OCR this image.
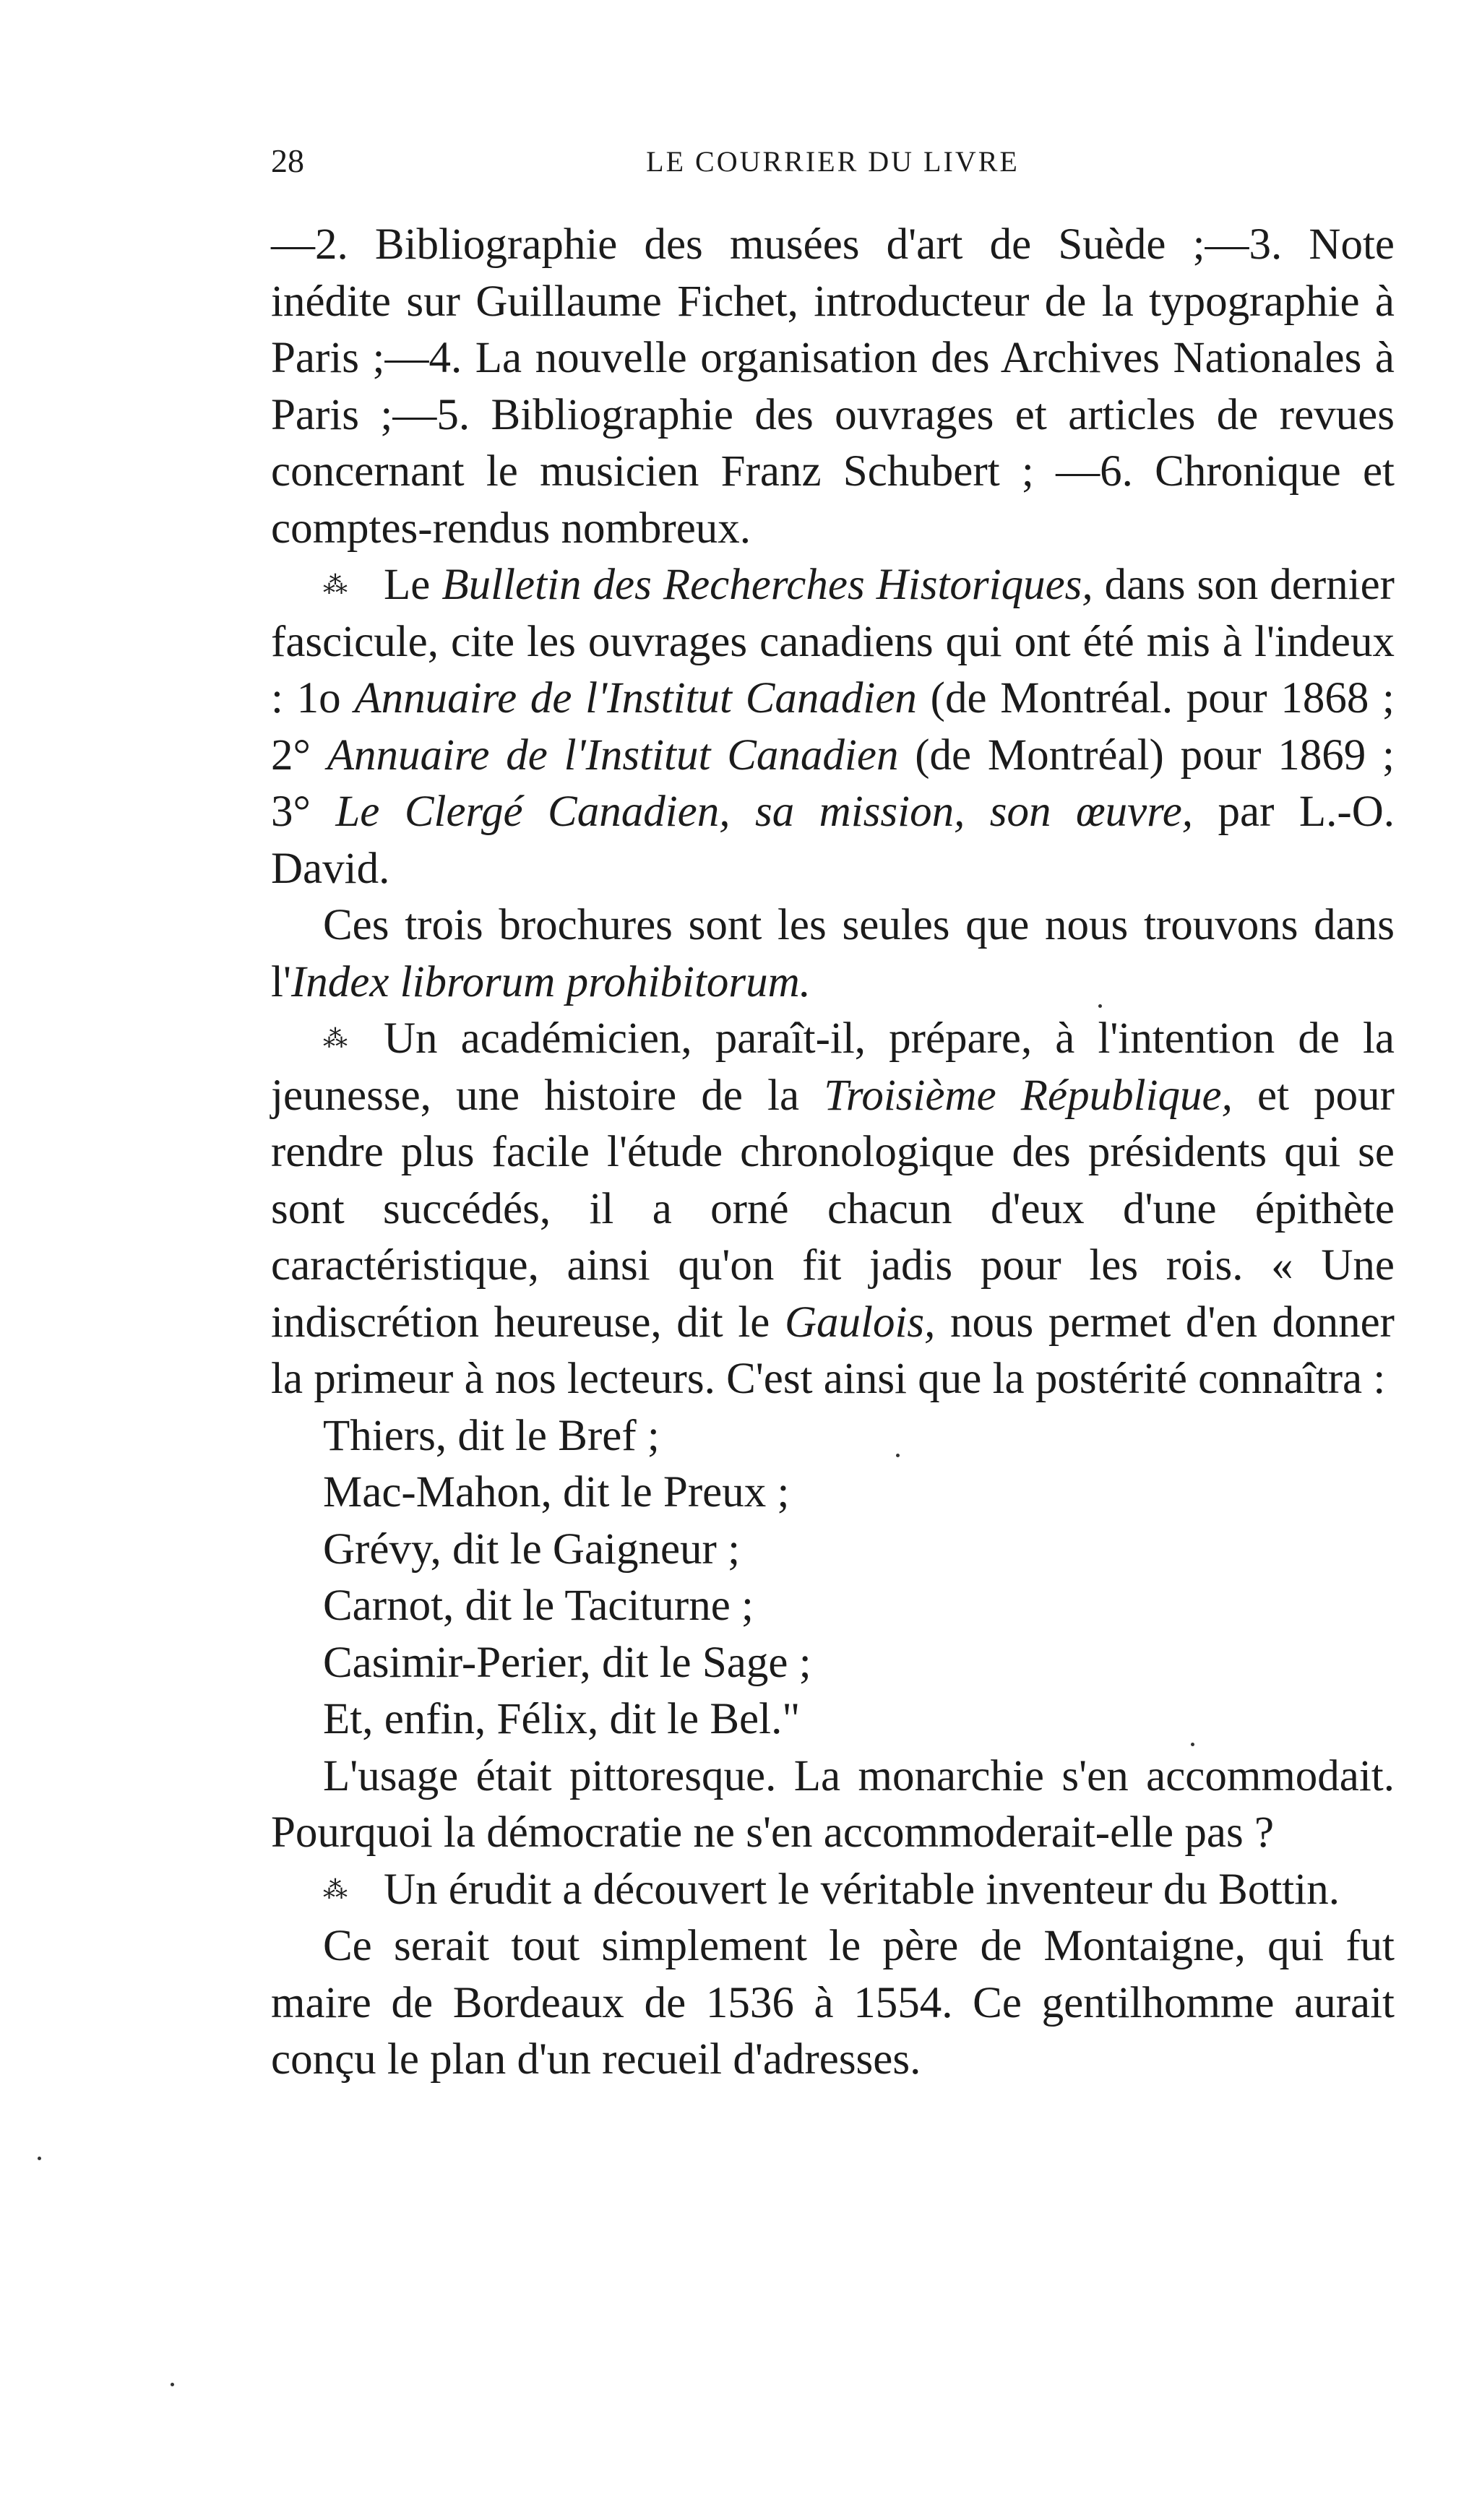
28	LE COURRIER DU LIVRE

—2. Bibliographie des musées d'art de Suède ;—3. Note inédite sur Guillaume Fichet, introducteur de la typographie à Paris ;—4. La nouvelle organisation des Archives Nationales à Paris ;—5. Bibliographie des ouvrages et articles de revues concernant le musicien Franz Schubert ; —6. Chronique et comptes-rendus nombreux.

⁂ Le Bulletin des Recherches Historiques, dans son dernier fascicule, cite les ouvrages canadiens qui ont été mis à l'indeux : 1o Annuaire de l'Institut Canadien (de Montréal. pour 1868 ; 2° Annuaire de l'Institut Canadien (de Montréal) pour 1869 ; 3° Le Clergé Canadien, sa mission, son œuvre, par L.-O. David.

Ces trois brochures sont les seules que nous trouvons dans l'Index librorum prohibitorum.

⁂ Un académicien, paraît-il, prépare, à l'intention de la jeunesse, une histoire de la Troisième République, et pour rendre plus facile l'étude chronologique des présidents qui se sont succédés, il a orné chacun d'eux d'une épithète caractéristique, ainsi qu'on fit jadis pour les rois. « Une indiscrétion heureuse, dit le Gaulois, nous permet d'en donner la primeur à nos lecteurs. C'est ainsi que la postérité connaîtra :

Thiers, dit le Bref ;

Mac-Mahon, dit le Preux ;

Grévy, dit le Gaigneur ;

Carnot, dit le Taciturne ;

Casimir-Perier, dit le Sage ;

Et, enfin, Félix, dit le Bel."

L'usage était pittoresque. La monarchie s'en accommodait. Pourquoi la démocratie ne s'en accommoderait-elle pas ?

⁂ Un érudit a découvert le véritable inventeur du Bottin.

Ce serait tout simplement le père de Montaigne, qui fut maire de Bordeaux de 1536 à 1554. Ce gentilhomme aurait conçu le plan d'un recueil d'adresses.
